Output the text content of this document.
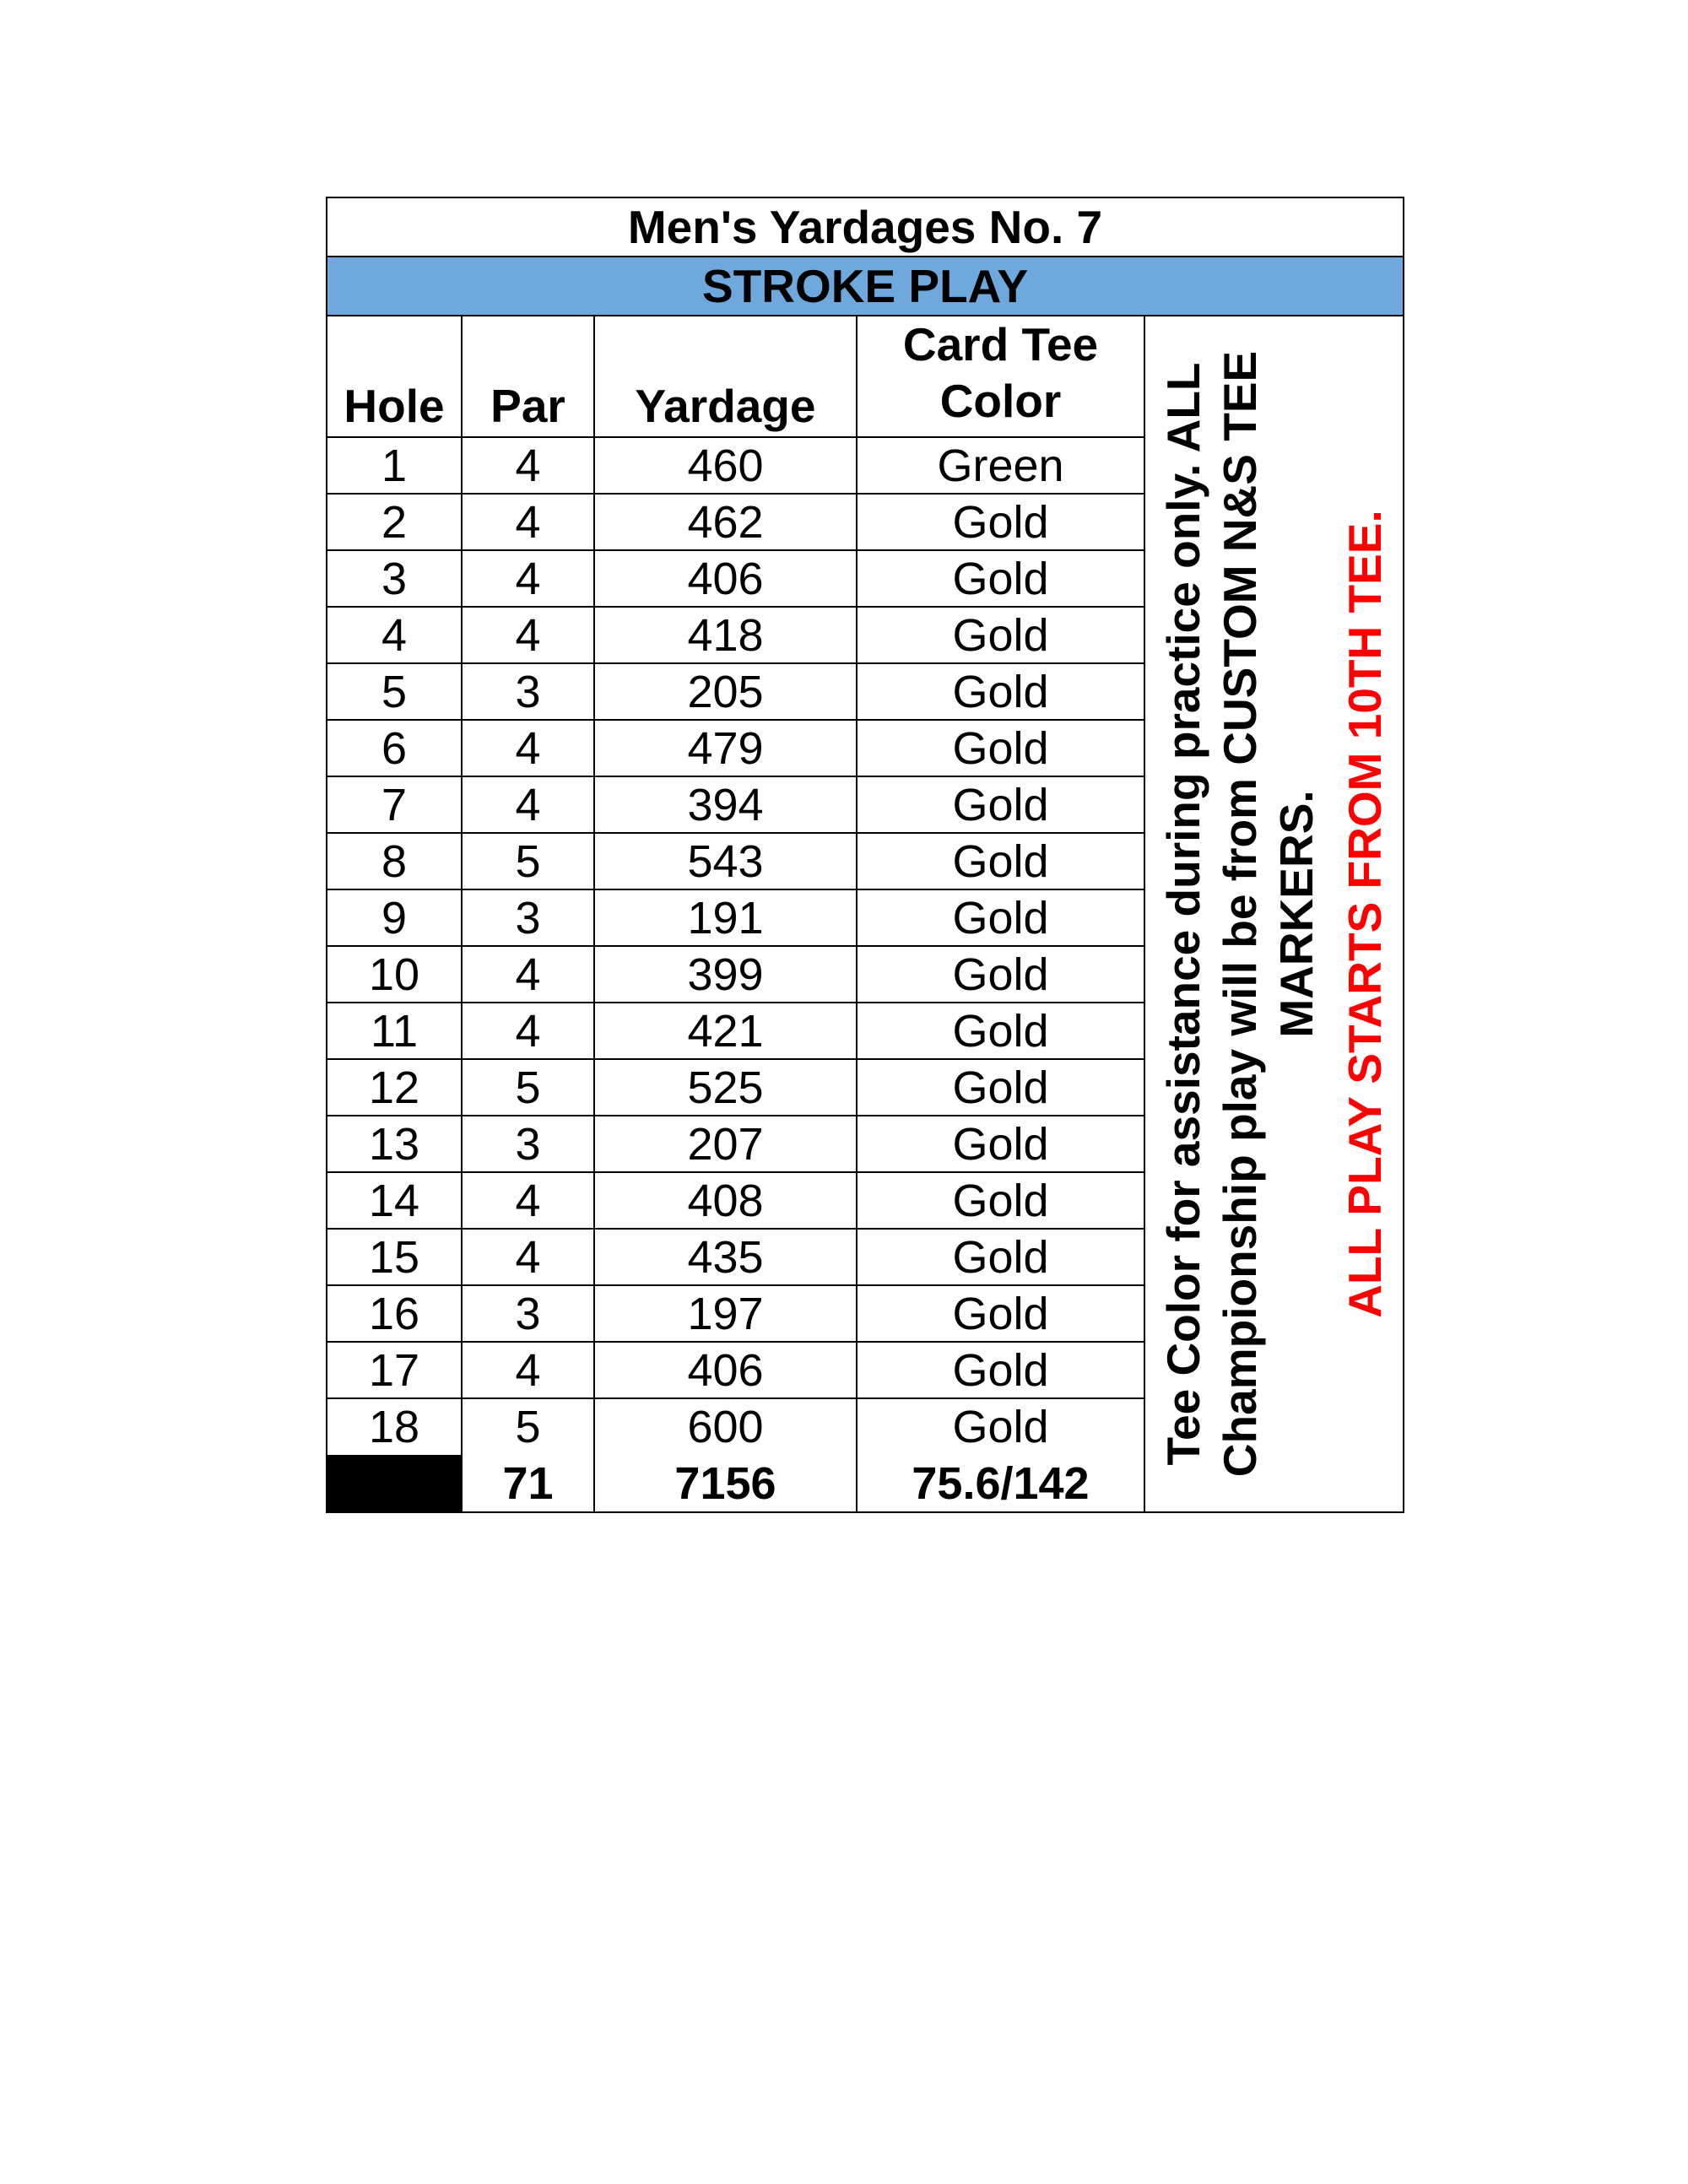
Men's Yardages No. 7
STROKE PLAY
Hole	Par	Yardage	Card Tee
Color
1	4	460	Green
2	4	462	Gold
3	4	406	Gold
4	4	418	Gold
5	3	205	Gold
6	4	479	Gold
7	4	394	Gold
8	5	543	Gold
9	3	191	Gold
10	4	399	Gold
11	4	421	Gold
12	5	525	Gold
13	3	207	Gold
14	4	408	Gold
15	4	435	Gold
16	3	197	Gold
17	4	406	Gold
18	5	600	Gold
	71	7156	75.6/142
Tee Color for assistance during practice only. ALL Championship play will be from CUSTOM N&S TEE MARKERS. ALL PLAY STARTS FROM 10TH TEE.
